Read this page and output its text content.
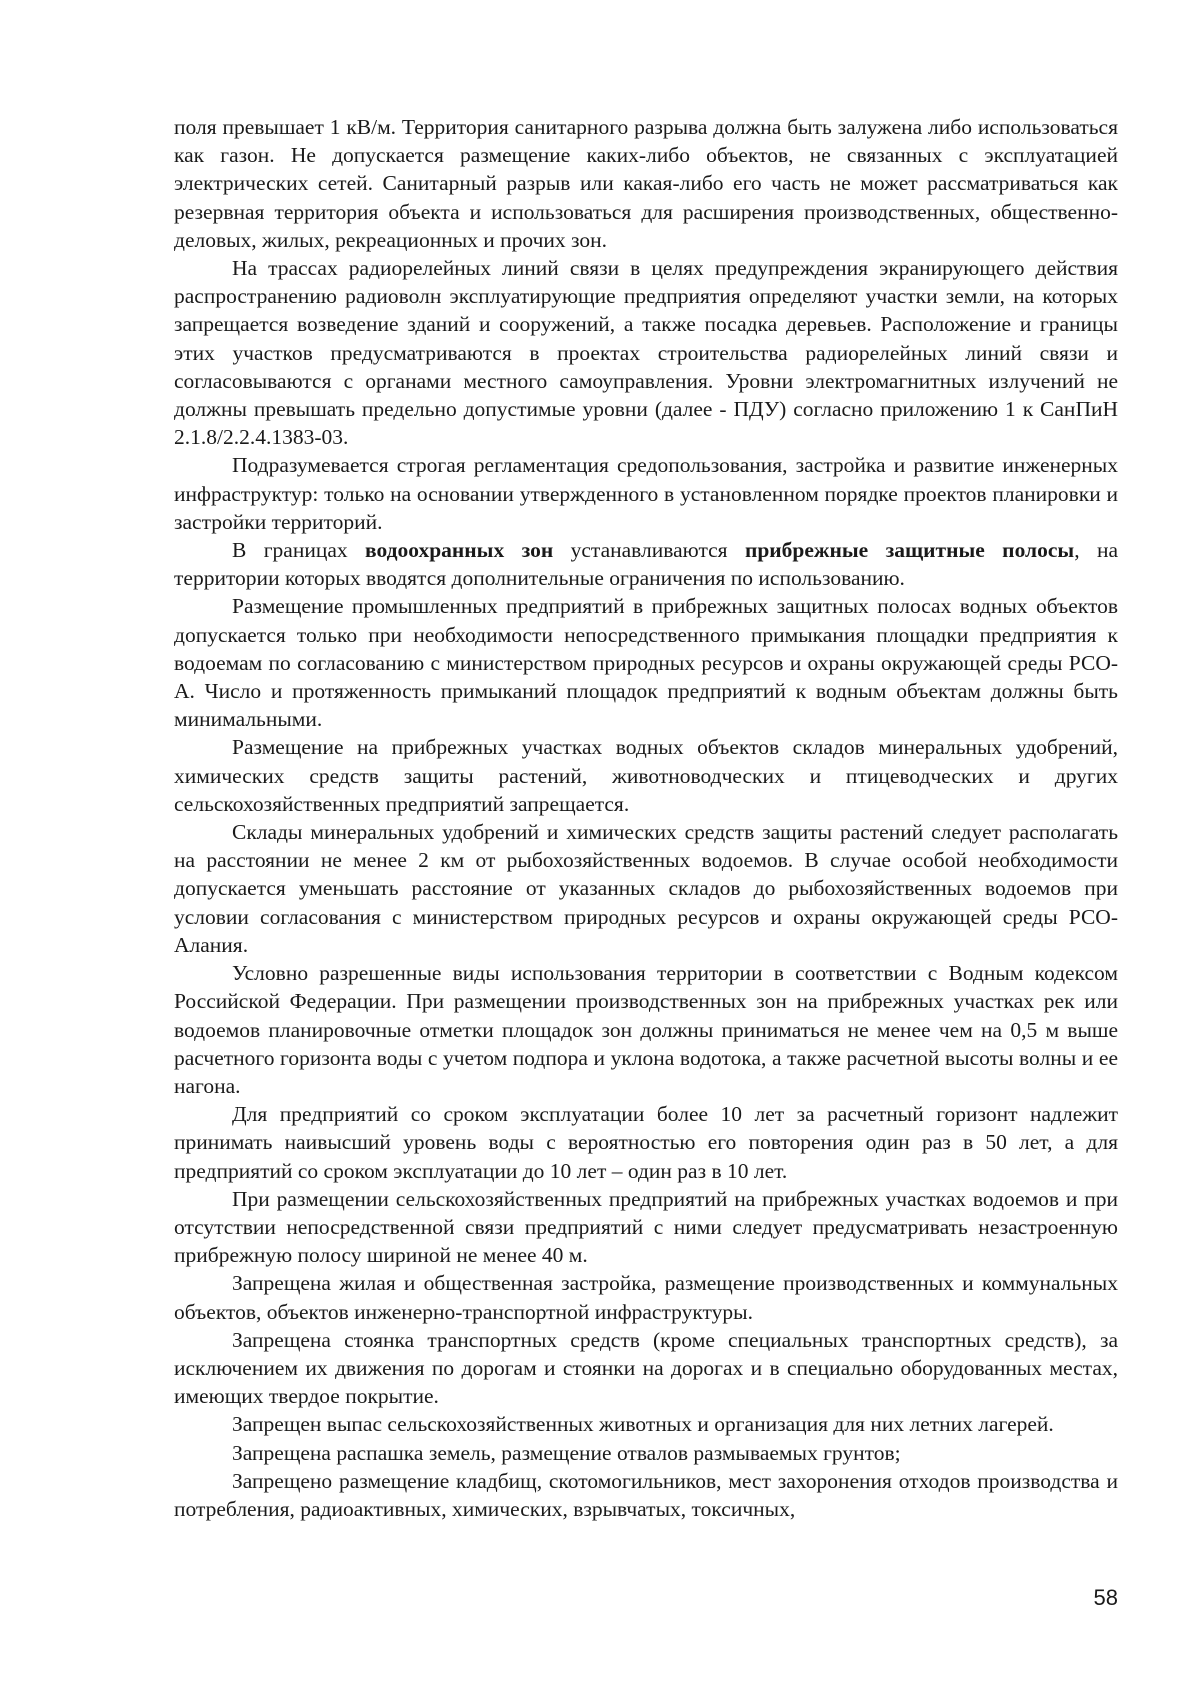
поля превышает 1 кВ/м. Территория санитарного разрыва должна быть залужена либо использоваться как газон. Не допускается размещение каких-либо объектов, не связанных с эксплуатацией электрических сетей. Санитарный разрыв или какая-либо его часть не может рассматриваться как резервная территория объекта и использоваться для расширения производственных, общественно-деловых, жилых, рекреационных и прочих зон.

На трассах радиорелейных линий связи в целях предупреждения экранирующего действия распространению радиоволн эксплуатирующие предприятия определяют участки земли, на которых запрещается возведение зданий и сооружений, а также посадка деревьев. Расположение и границы этих участков предусматриваются в проектах строительства радиорелейных линий связи и согласовываются с органами местного самоуправления. Уровни электромагнитных излучений не должны превышать предельно допустимые уровни (далее - ПДУ) согласно приложению 1 к СанПиН 2.1.8/2.2.4.1383-03.

Подразумевается строгая регламентация средопользования, застройка и развитие инженерных инфраструктур: только на основании утвержденного в установленном порядке проектов планировки и застройки территорий.

В границах водоохранных зон устанавливаются прибрежные защитные полосы, на территории которых вводятся дополнительные ограничения по использованию.

Размещение промышленных предприятий в прибрежных защитных полосах водных объектов допускается только при необходимости непосредственного примыкания площадки предприятия к водоемам по согласованию с министерством природных ресурсов и охраны окружающей среды РСО-А. Число и протяженность примыканий площадок предприятий к водным объектам должны быть минимальными.

Размещение на прибрежных участках водных объектов складов минеральных удобрений, химических средств защиты растений, животноводческих и птицеводческих и других сельскохозяйственных предприятий запрещается.

Склады минеральных удобрений и химических средств защиты растений следует располагать на расстоянии не менее 2 км от рыбохозяйственных водоемов. В случае особой необходимости допускается уменьшать расстояние от указанных складов до рыбохозяйственных водоемов при условии согласования с министерством природных ресурсов и охраны окружающей среды РСО-Алания.

Условно разрешенные виды использования территории в соответствии с Водным кодексом Российской Федерации. При размещении производственных зон на прибрежных участках рек или водоемов планировочные отметки площадок зон должны приниматься не менее чем на 0,5 м выше расчетного горизонта воды с учетом подпора и уклона водотока, а также расчетной высоты волны и ее нагона.

Для предприятий со сроком эксплуатации более 10 лет за расчетный горизонт надлежит принимать наивысший уровень воды с вероятностью его повторения один раз в 50 лет, а для предприятий со сроком эксплуатации до 10 лет – один раз в 10 лет.

При размещении сельскохозяйственных предприятий на прибрежных участках водоемов и при отсутствии непосредственной связи предприятий с ними следует предусматривать незастроенную прибрежную полосу шириной не менее 40 м.

Запрещена жилая и общественная застройка, размещение производственных и коммунальных объектов, объектов инженерно-транспортной инфраструктуры.

Запрещена стоянка транспортных средств (кроме специальных транспортных средств), за исключением их движения по дорогам и стоянки на дорогах и в специально оборудованных местах, имеющих твердое покрытие.

Запрещен выпас сельскохозяйственных животных и организация для них летних лагерей.

Запрещена распашка земель, размещение отвалов размываемых грунтов;

Запрещено размещение кладбищ, скотомогильников, мест захоронения отходов производства и потребления, радиоактивных, химических, взрывчатых, токсичных,

58
